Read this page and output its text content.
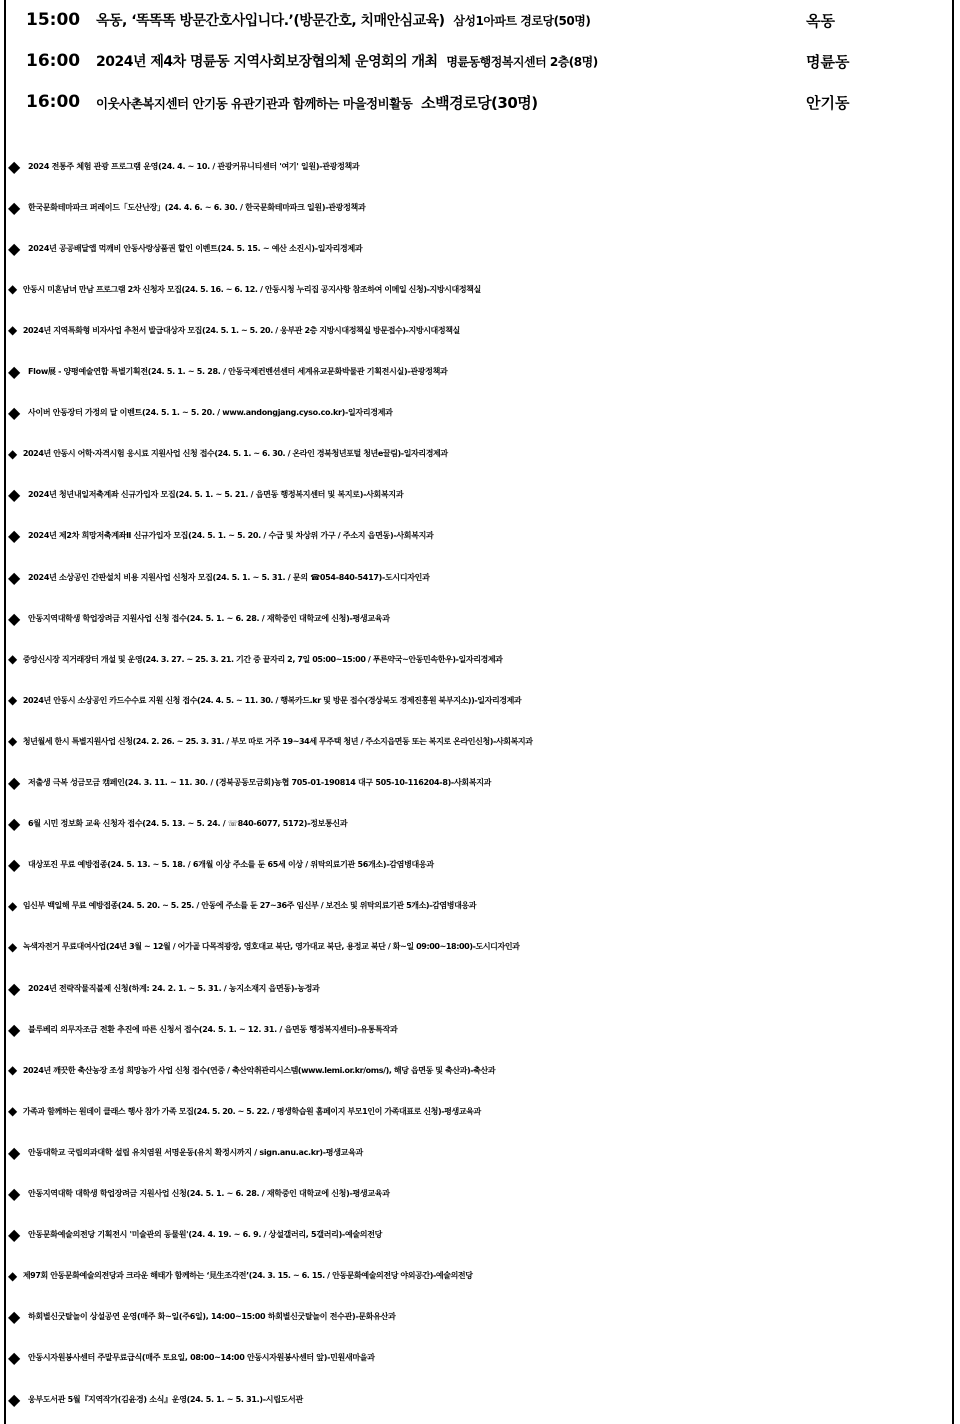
15:00 옥동, ‘똑똑똑 방문간호사입니다.’(방문간호, 치매안심교육) 삼성1아파트 경로당(50명)	옥동
16:00 2024년 제4차 명륜동 지역사회보장협의체 운영회의 개최 명륜동행정복지센터 2층(8명)	명륜동
16:00 이웃사촌복지센터 안기동 유관기관과 함께하는 마을정비활동 소백경로당(30명)	안기동
◆ 2024 전통주 체험 관광 프로그램 운영(24. 4. ~ 10. / 관광커뮤니티센터 '여기' 일원)-관광정책과
◆ 한국문화테마파크 퍼레이드「도산난장」(24. 4. 6. ~ 6. 30. / 한국문화테마파크 일원)-관광정책과
◆ 2024년 공공배달앱 먹깨비 안동사랑상품권 할인 이벤트(24. 5. 15. ~ 예산 소진시)-일자리경제과
◆ 안동시 미혼남녀 만남 프로그램 2차 신청자 모집(24. 5. 16. ~ 6. 12. / 안동시청 누리집 공지사항 참조하여 이메일 신청)-지방시대정책실
◆ 2024년 지역특화형 비자사업 추천서 발급대상자 모집(24. 5. 1. ~ 5. 20. / 웅부관 2층 지방시대정책실 방문접수)-지방시대정책실
◆ Flow展 - 양평예술연합 특별기획전(24. 5. 1. ~ 5. 28. / 안동국제컨벤션센터 세계유교문화박물관 기획전시실)-관광정책과
◆ 사이버 안동장터 가정의 달 이벤트(24. 5. 1. ~ 5. 20. / www.andongjang.cyso.co.kr)-일자리경제과
◆ 2024년 안동시 어학·자격시험 응시료 지원사업 신청 접수(24. 5. 1. ~ 6. 30. / 온라인 경북청년포털 청년e끌림)-일자리경제과
◆ 2024년 청년내일저축계좌 신규가입자 모집(24. 5. 1. ~ 5. 21. / 읍면동 행정복지센터 및 복지로)-사회복지과
◆ 2024년 제2차 희망저축계좌Ⅱ 신규가입자 모집(24. 5. 1. ~ 5. 20. / 수급 및 차상위 가구 / 주소지 읍면동)-사회복지과
◆ 2024년 소상공인 간판설치 비용 지원사업 신청자 모집(24. 5. 1. ~ 5. 31. / 문의 ☎054-840-5417)-도시디자인과
◆ 안동지역대학생 학업장려금 지원사업 신청 접수(24. 5. 1. ~ 6. 28. / 재학중인 대학교에 신청)-평생교육과
◆ 중앙신시장 직거래장터 개설 및 운영(24. 3. 27. ~ 25. 3. 21. 기간 중 끝자리 2, 7일 05:00~15:00 / 푸른약국~안동민속한우)-일자리경제과
◆ 2024년 안동시 소상공인 카드수수료 지원 신청 접수(24. 4. 5. ~ 11. 30. / 행복카드.kr 및 방문 접수(경상북도 경제진흥원 북부지소))-일자리경제과
◆ 청년월세 한시 특별지원사업 신청(24. 2. 26. ~ 25. 3. 31. / 부모 따로 거주 19~34세 무주택 청년 / 주소지읍면동 또는 복지로 온라인신청)-사회복지과
◆ 저출생 극복 성금모금 캠페인(24. 3. 11. ~ 11. 30. / (경북공동모금회)농협 705-01-190814 대구 505-10-116204-8)-사회복지과
◆ 6월 시민 정보화 교육 신청자 접수(24. 5. 13. ~ 5. 24. / ☏840-6077, 5172)-정보통신과
◆ 대상포진 무료 예방접종(24. 5. 13. ~ 5. 18. / 6개월 이상 주소를 둔 65세 이상 / 위탁의료기관 56개소)-감염병대응과
◆ 임신부 백일해 무료 예방접종(24. 5. 20. ~ 5. 25. / 안동에 주소를 둔 27~36주 임신부 / 보건소 및 위탁의료기관 5개소)-감염병대응과
◆ 녹색자전거 무료대여사업(24년 3월 ~ 12월 / 어가골 다목적광장, 영호대교 북단, 영가대교 북단, 용정교 북단 / 화~일 09:00~18:00)-도시디자인과
◆ 2024년 전략작물직불제 신청(하계: 24. 2. 1. ~ 5. 31. / 농지소재지 읍면동)-농정과
◆ 블루베리 의무자조금 전환 추진에 따른 신청서 접수(24. 5. 1. ~ 12. 31. / 읍면동 행정복지센터)-유통특작과
◆ 2024년 깨끗한 축산농장 조성 희망농가 사업 신청 접수(연중 / 축산악취관리시스템(www.lemi.or.kr/oms/), 해당 읍면동 및 축산과)-축산과
◆ 가족과 함께하는 원데이 클래스 행사 참가 가족 모집(24. 5. 20. ~ 5. 22. / 평생학습원 홈페이지 부모1인이 가족대표로 신청)-평생교육과
◆ 안동대학교 국립의과대학 설립 유치염원 서명운동(유치 확정시까지 / sign.anu.ac.kr)-평생교육과
◆ 안동지역대학 대학생 학업장려금 지원사업 신청(24. 5. 1. ~ 6. 28. / 재학중인 대학교에 신청)-평생교육과
◆ 안동문화예술의전당 기획전시 '미술관의 동물원'(24. 4. 19. ~ 6. 9. / 상설갤러리, 5갤러리)-예술의전당
◆ 제97회 안동문화예술의전당과 크라운 해태가 함께하는 ‘見生조각전’(24. 3. 15. ~ 6. 15. / 안동문화예술의전당 야외공간)-예술의전당
◆ 하회별신굿탈놀이 상설공연 운영(매주 화~일(주6일), 14:00~15:00 하회별신굿탈놀이 전수관)-문화유산과
◆ 안동시자원봉사센터 주말무료급식(매주 토요일, 08:00~14:00 안동시자원봉사센터 앞)-민원새마을과
◆ 웅부도서관 5월『지역작가(김윤경) 소식』운영(24. 5. 1. ~ 5. 31.)-시립도서관
